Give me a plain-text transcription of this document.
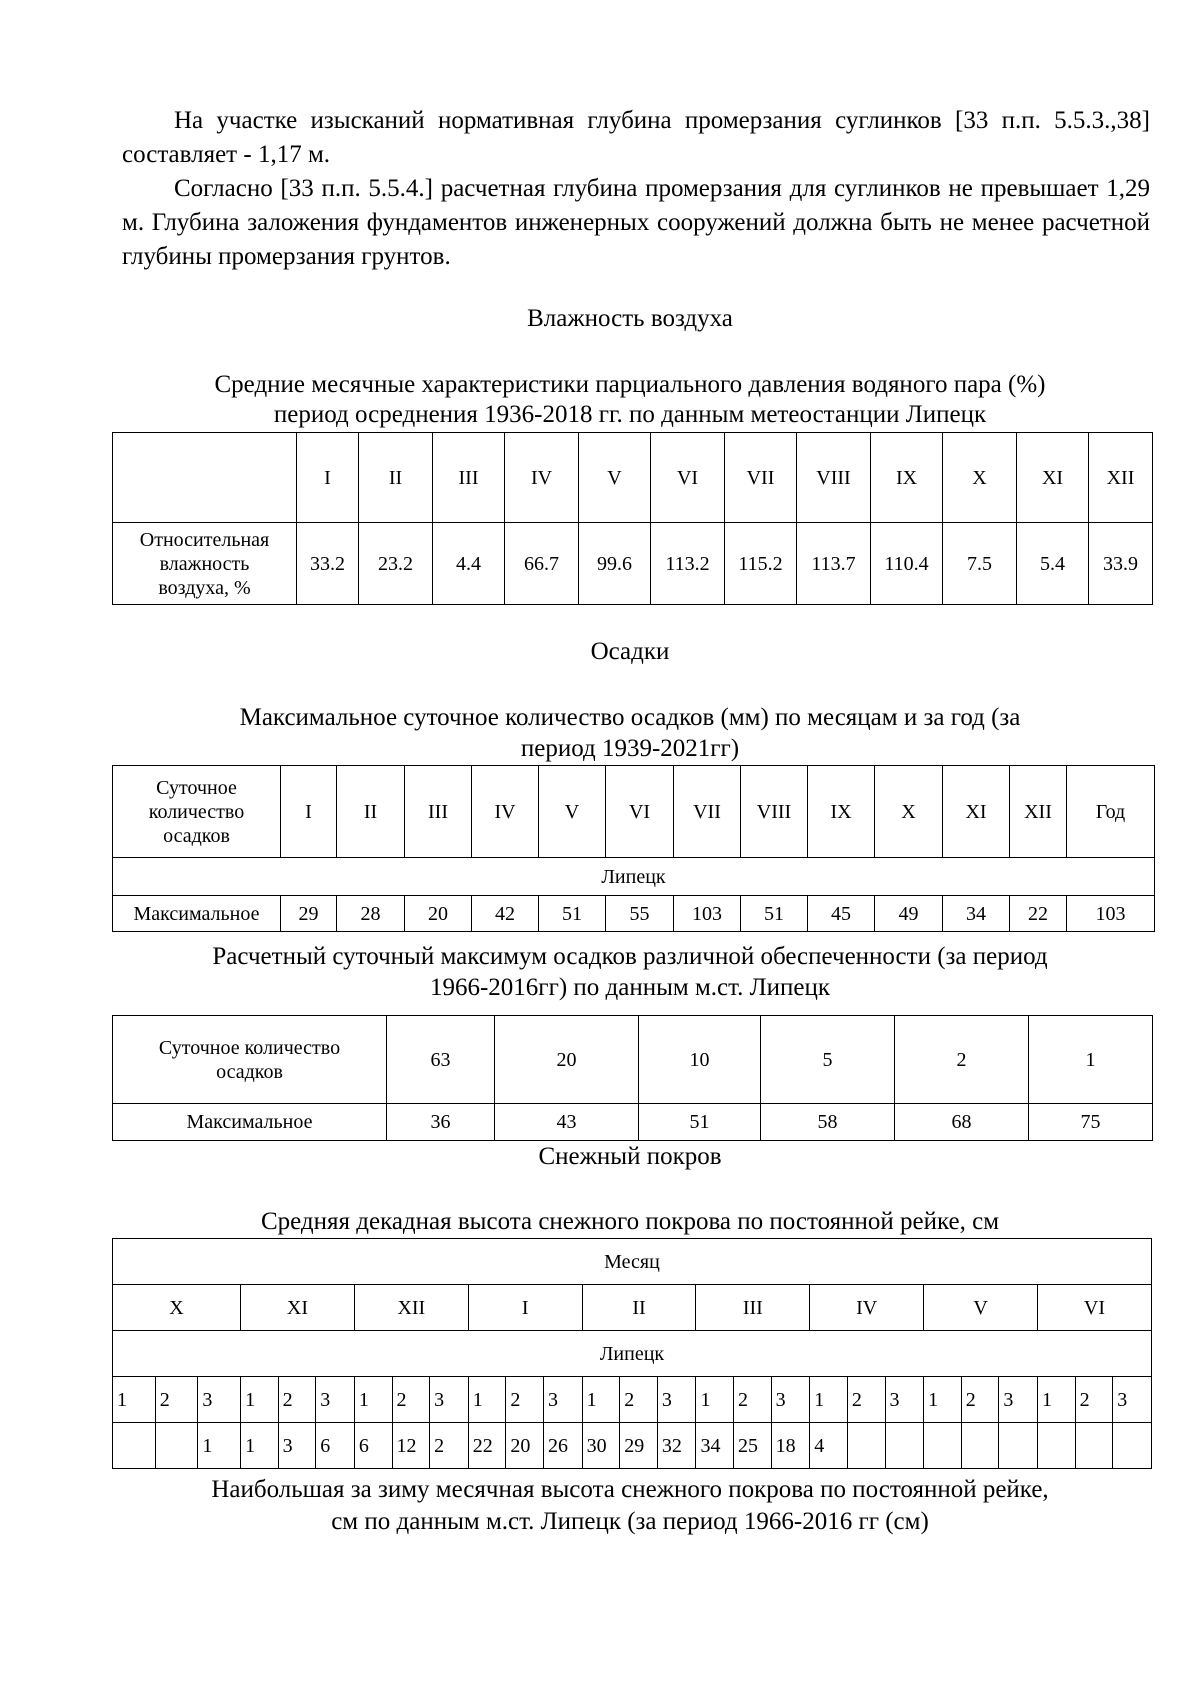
На участке изысканий нормативная глубина промерзания суглинков [33 п.п. 5.5.3.,38] составляет - 1,17 м.

Согласно [33 п.п. 5.5.4.] расчетная глубина промерзания для суглинков не превышает 1,29 м. Глубина заложения фундаментов инженерных сооружений должна быть не менее расчетной глубины промерзания грунтов.

Влажность воздуха

Средние месячные характеристики парциального давления водяного пара (%)

период осреднения 1936-2018 гг. по данным метеостанции Липецк

	I	II	III	IV	V	VI	VII	VIII	IX	X	XI	XII

Относительная
влажность
воздуха, %	33.2	23.2	4.4	66.7	99.6	113.2	115.2	113.7	110.4	7.5	5.4	33.9

Осадки

Максимальное суточное количество осадков (мм) по месяцам и за год (за

период 1939-2021гг)

Суточное
количество
осадков	I	II	III	IV	V	VI	VII	VIII	IX	X	XI	XII	Год
Липецк													
Максимальное	29	28	20	42	51	55	103	51	45	49	34	22	103

Расчетный суточный максимум осадков различной обеспеченности (за период

1966-2016гг) по данным м.ст. Липецк

Суточное количество
осадков	63	20	10	5	2	1
Максимальное	36	43	51	58	68	75

Снежный покров

Средняя декадная высота снежного покрова по постоянной рейке, см

Месяц																										
X			XI			XII			I			II			III			IV			V			VI		
Липецк																										
1	2	3	1	2	3	1	2	3	1	2	3	1	2	3	1	2	3	1	2	3	1	2	3	1	2	3
		1	1	3	6	6	12	2	22	20	26	30	29	32	34	25	18	4								

Наибольшая за зиму месячная высота снежного покрова по постоянной рейке,

см по данным м.ст. Липецк (за период 1966-2016 гг (см)
